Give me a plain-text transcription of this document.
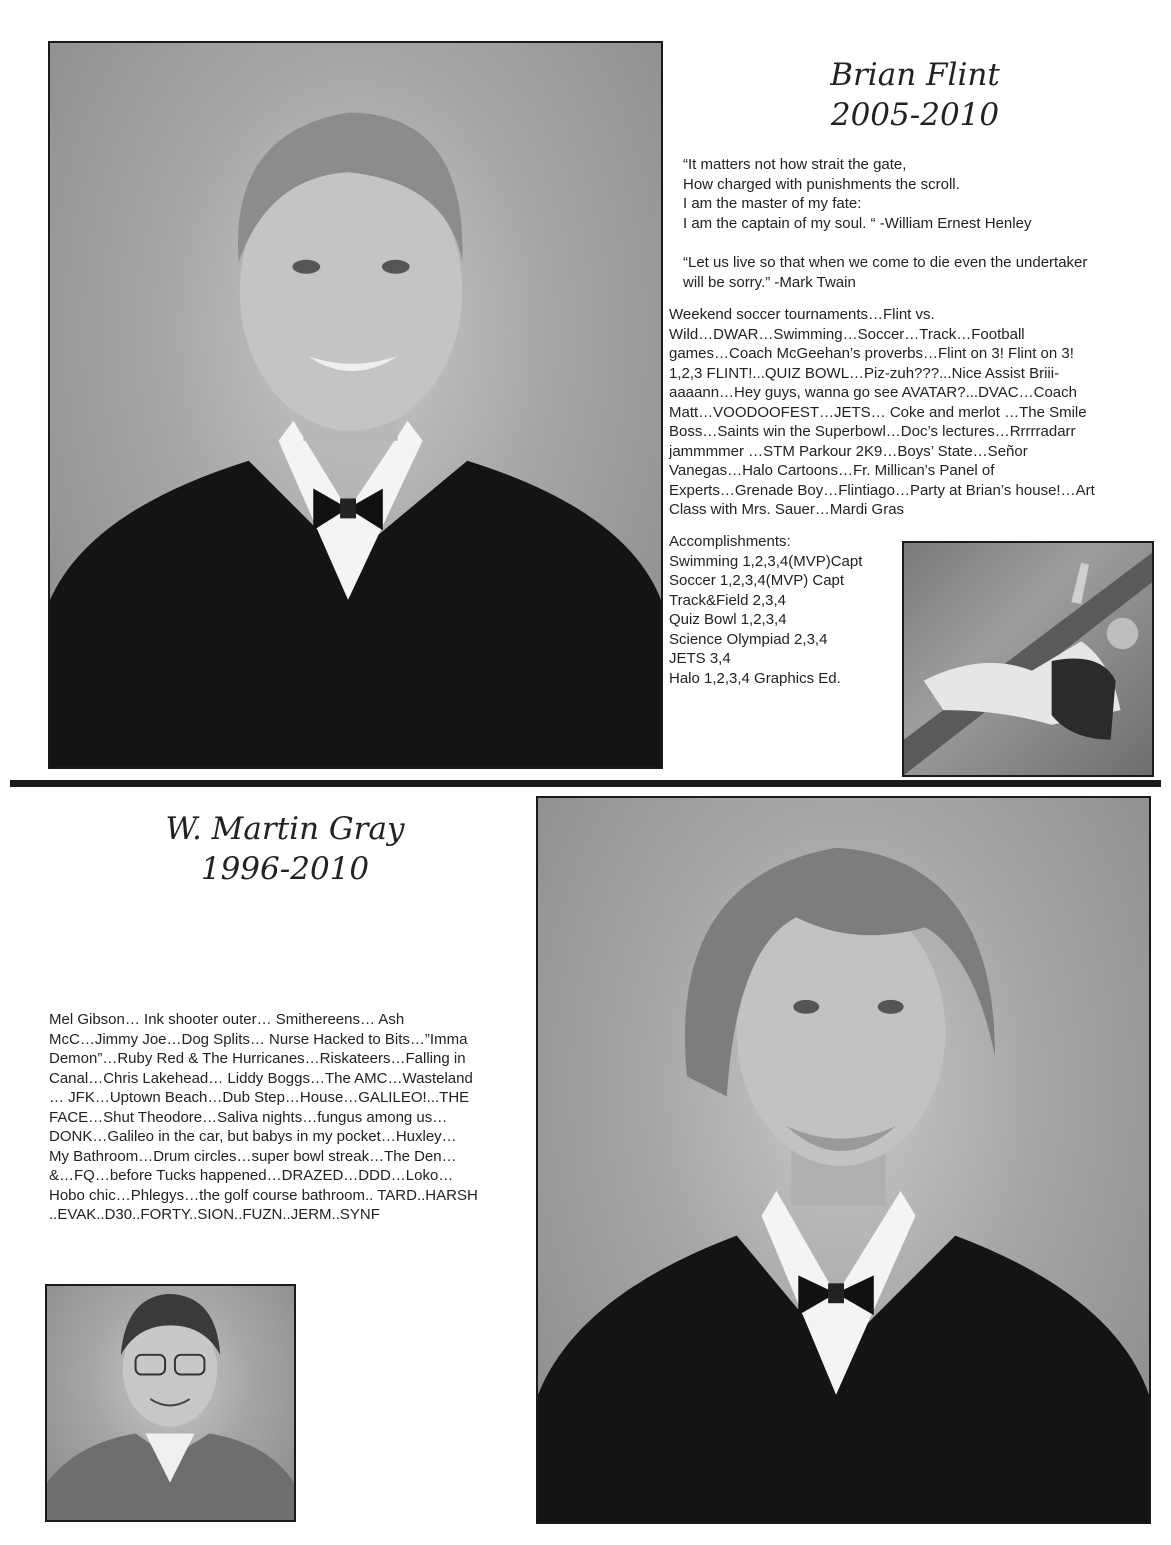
Brian Flint
2005-2010
“It matters not how strait the gate,
How charged with punishments the scroll.
I am the master of my fate:
I am the captain of my soul. “ -William Ernest Henley
“Let us live so that when we come to die even the undertaker
will be sorry.” -Mark Twain
Weekend soccer tournaments…Flint vs.
Wild…DWAR…Swimming…Soccer…Track…Football
games…Coach McGeehan’s proverbs…Flint on 3! Flint on 3!
1,2,3 FLINT!...QUIZ BOWL…Piz-zuh???...Nice Assist Briii-
aaaann…Hey guys, wanna go see AVATAR?...DVAC…Coach
Matt…VOODOOFEST…JETS… Coke and merlot …The Smile
Boss…Saints win the Superbowl…Doc’s lectures…Rrrrradarr
jammmmer …STM Parkour 2K9…Boys’ State…Señor
Vanegas…Halo Cartoons…Fr. Millican’s Panel of
Experts…Grenade Boy…Flintiago…Party at Brian’s house!…Art
Class with Mrs. Sauer…Mardi Gras
Accomplishments:
Swimming 1,2,3,4(MVP)Capt
Soccer 1,2,3,4(MVP) Capt
Track&Field 2,3,4
Quiz Bowl 1,2,3,4
Science Olympiad 2,3,4
JETS 3,4
Halo 1,2,3,4 Graphics Ed.
W. Martin Gray
1996-2010
Mel Gibson… Ink shooter outer… Smithereens… Ash
McC…Jimmy Joe…Dog Splits… Nurse Hacked to Bits…”Imma
Demon”…Ruby Red & The Hurricanes…Riskateers…Falling in
Canal…Chris Lakehead… Liddy Boggs…The AMC…Wasteland
… JFK…Uptown Beach…Dub Step…House…GALILEO!...THE
FACE…Shut Theodore…Saliva nights…fungus among us…
DONK…Galileo in the car, but babys in my pocket…Huxley…
My Bathroom…Drum circles…super bowl streak…The Den…
&…FQ…before Tucks happened…DRAZED…DDD…Loko…
Hobo chic…Phlegys…the golf course bathroom.. TARD..HARSH
..EVAK..D30..FORTY..SION..FUZN..JERM..SYNF
